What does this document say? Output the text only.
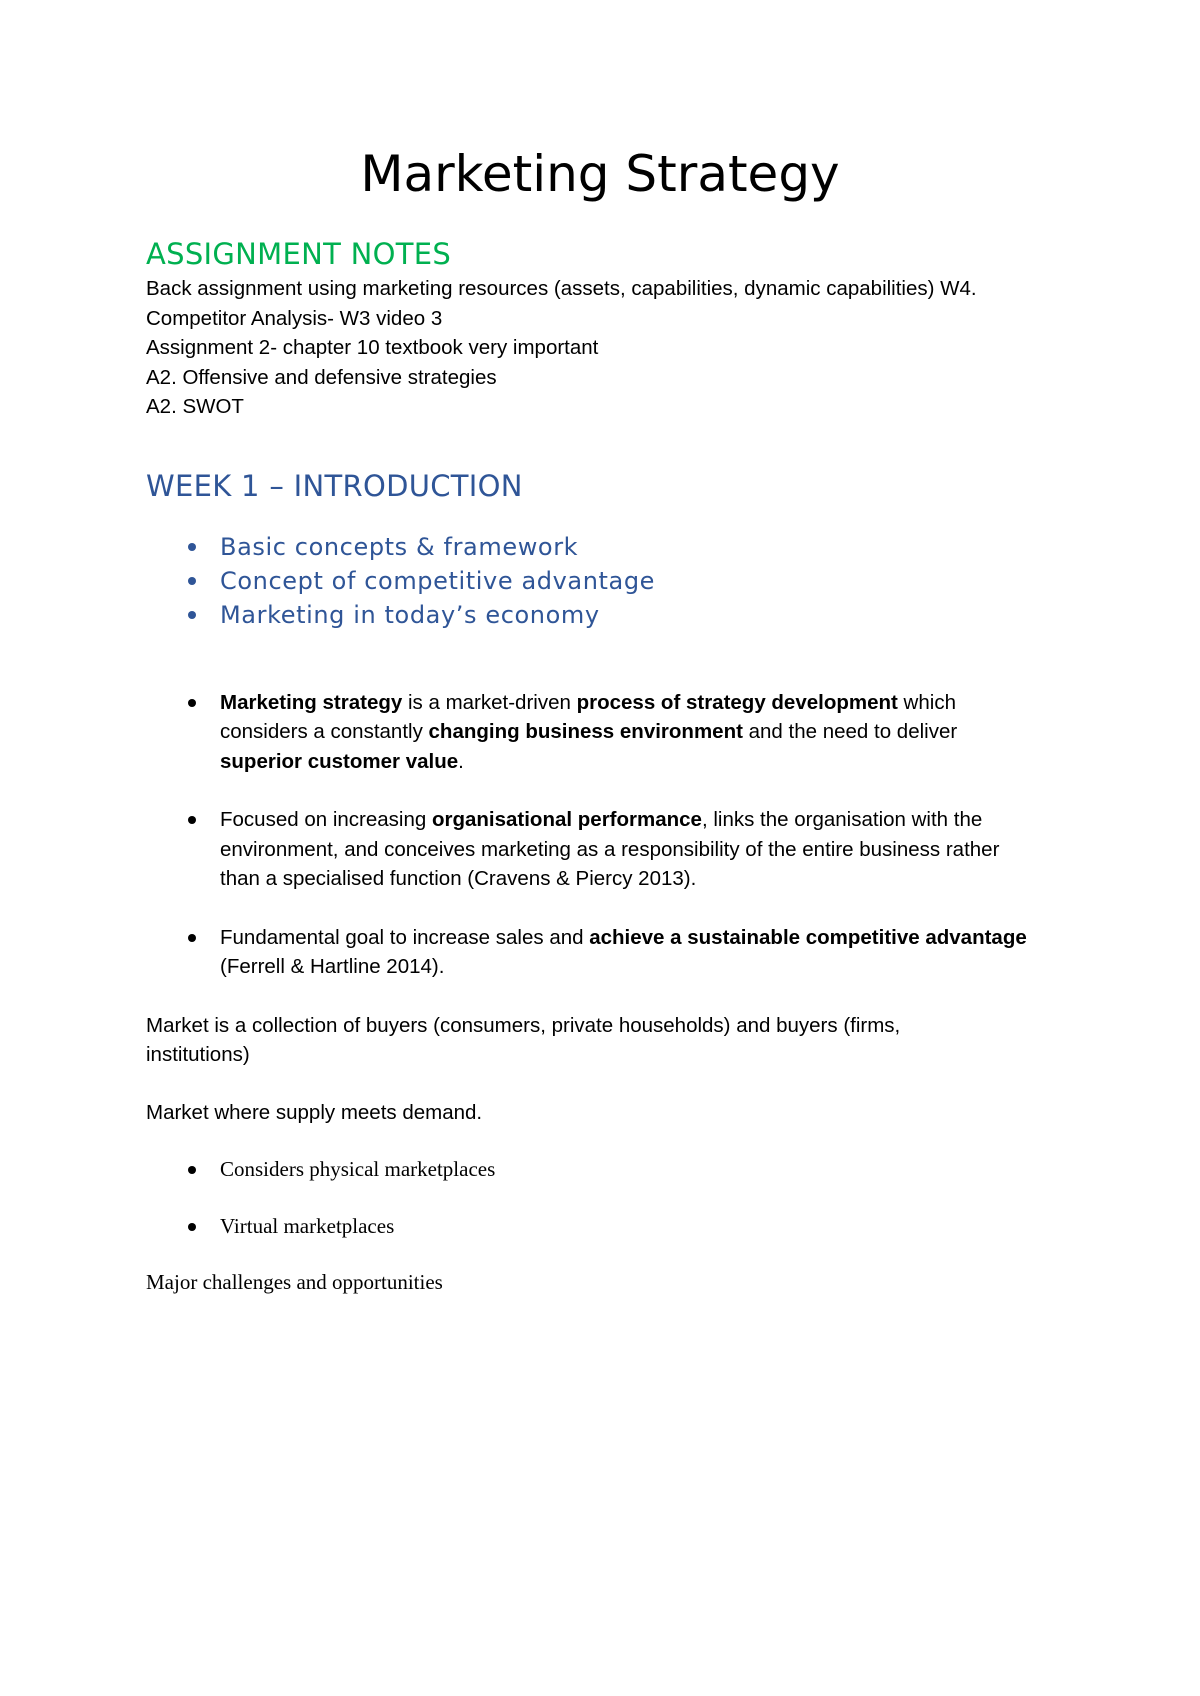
Marketing Strategy
ASSIGNMENT NOTES

Back assignment using marketing resources (assets, capabilities, dynamic capabilities) W4.

Competitor Analysis- W3 video 3

Assignment 2- chapter 10 textbook very important

A2. Offensive and defensive strategies

A2. SWOT

WEEK 1 – INTRODUCTION
Basic concepts & framework
Concept of competitive advantage
Marketing in today’s economy
Marketing strategy is a market-driven process of strategy development which considers a constantly changing business environment and the need to deliver superior customer value.
Focused on increasing organisational performance, links the organisation with the environment, and conceives marketing as a responsibility of the entire business rather than a specialised function (Cravens & Piercy 2013).
Fundamental goal to increase sales and achieve a sustainable competitive advantage (Ferrell & Hartline 2014).

Market is a collection of buyers (consumers, private households) and buyers (firms, institutions)

Market where supply meets demand.

Considers physical marketplaces
Virtual marketplaces

Major challenges and opportunities
